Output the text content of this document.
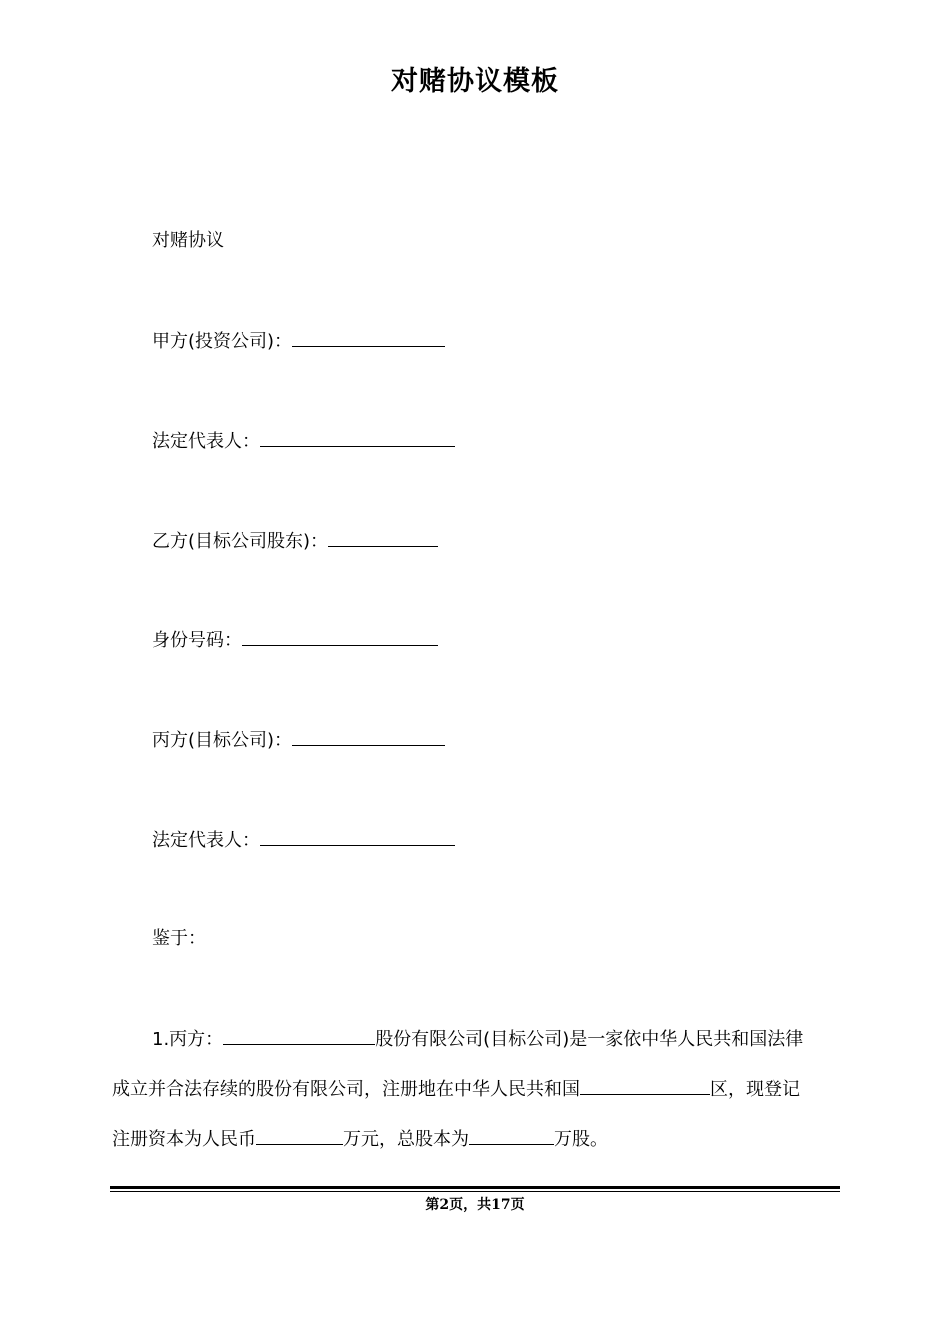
对赌协议模板
对赌协议
甲方(投资公司)：
法定代表人：
乙方(目标公司股东)：
身份号码：
丙方(目标公司)：
法定代表人：
鉴于：
1.丙方：	股份有限公司(目标公司)是一家依中华人民共和国法律
成立并合法存续的股份有限公司，注册地在中华人民共和国	区，现登记
注册资本为人民币	万元，总股本为	万股。
第2页，共17页
